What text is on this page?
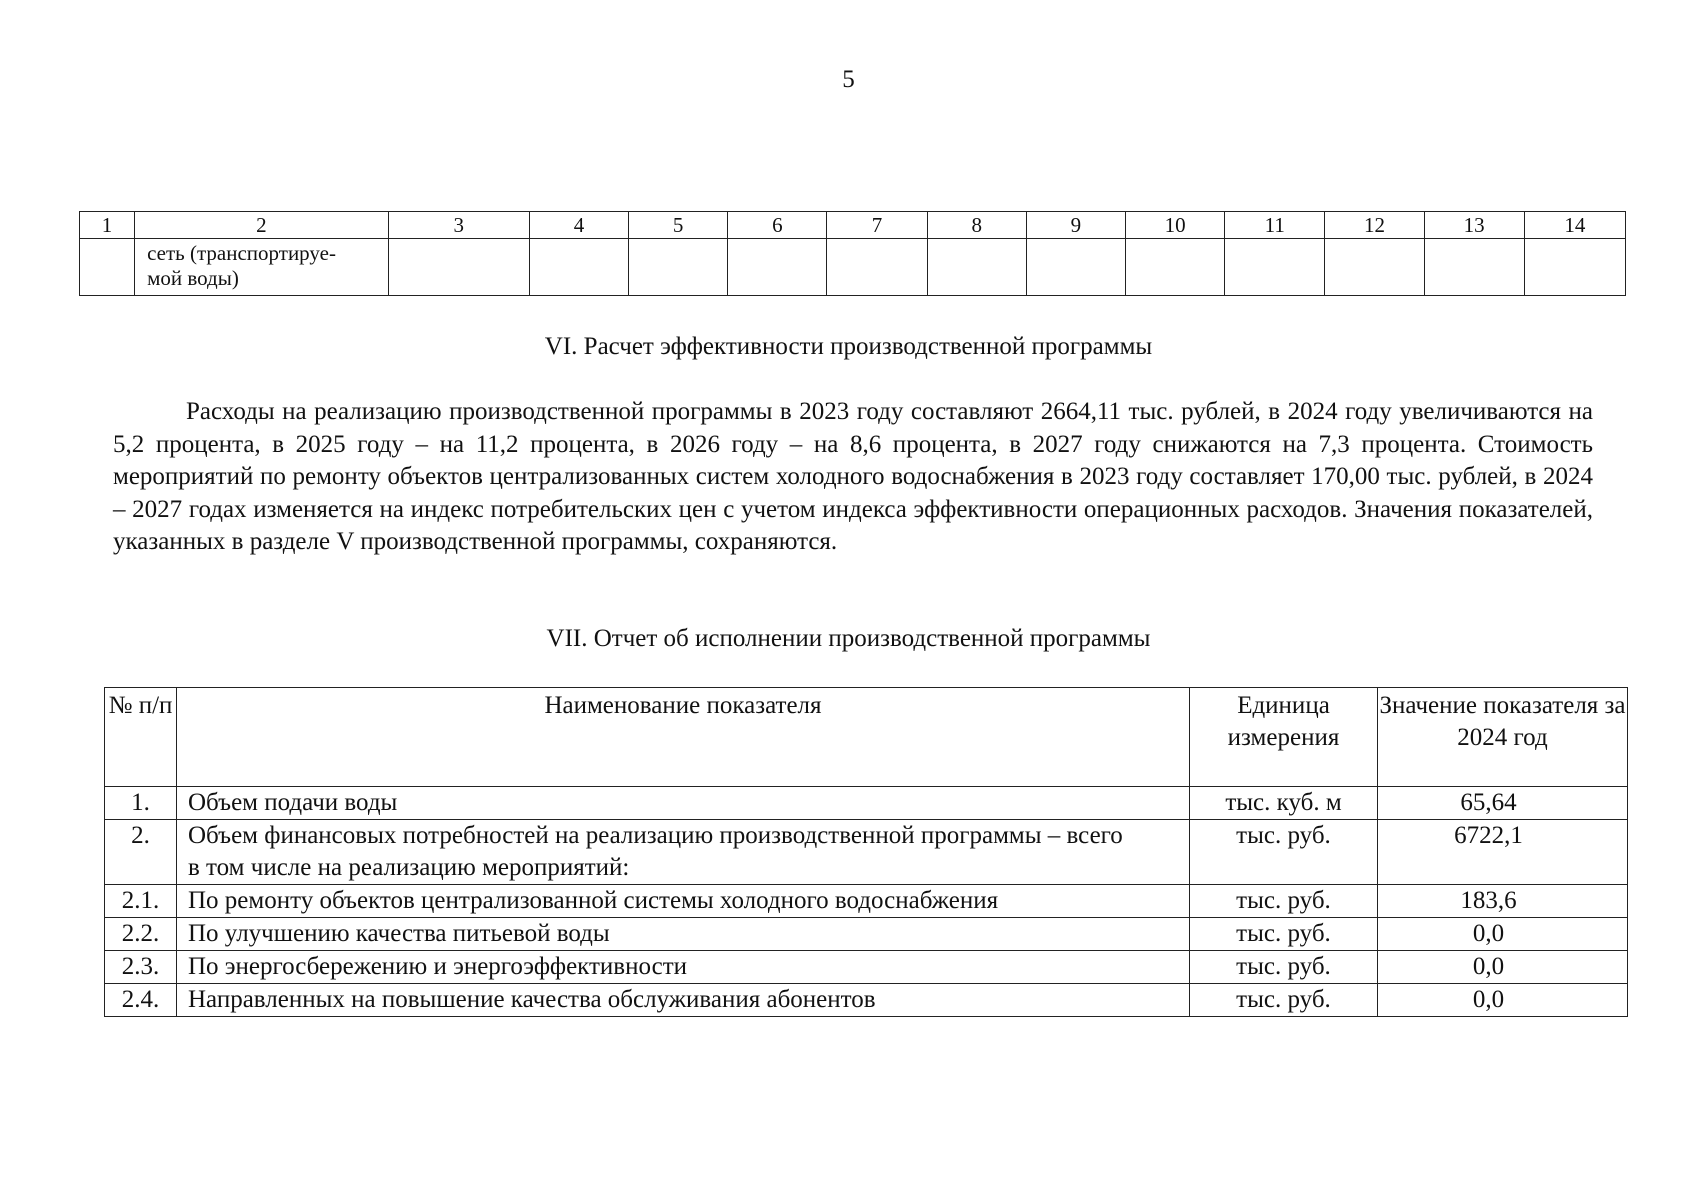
5
1	2	3	4	5	6	7	8	9	10	11	12	13	14

	сеть (транспортируе-
мой воды)												

VI. Расчет эффективности производственной программы

Расходы на реализацию производственной программы в 2023 году составляют 2664,11 тыс. рублей, в 2024 году увеличиваются на 5,2 процента, в 2025 году – на 11,2 процента, в 2026 году – на 8,6 процента, в 2027 году снижаются на 7,3 процента. Стоимость мероприятий по ремонту объектов централизованных систем холодного водоснабжения в 2023 году составляет 170,00 тыс. рублей, в 2024 – 2027 годах изменяется на индекс потребительских цен с учетом индекса эффективности операционных расходов. Значения показателей, указанных в разделе V производственной программы, сохраняются.

VII. Отчет об исполнении производственной программы
№ п/п	Наименование показателя	Единица измерения	Значение показателя за 2024 год
1.	Объем подачи воды	тыс. куб. м	65,64
2.	Объем финансовых потребностей на реализацию производственной программы – всего
в том числе на реализацию мероприятий:	тыс. руб.	6722,1
2.1.	По ремонту объектов централизованной системы холодного водоснабжения	тыс. руб.	183,6
2.2.	По улучшению качества питьевой воды	тыс. руб.	0,0
2.3.	По энергосбережению и энергоэффективности	тыс. руб.	0,0
2.4.	Направленных на повышение качества обслуживания абонентов	тыс. руб.	0,0
